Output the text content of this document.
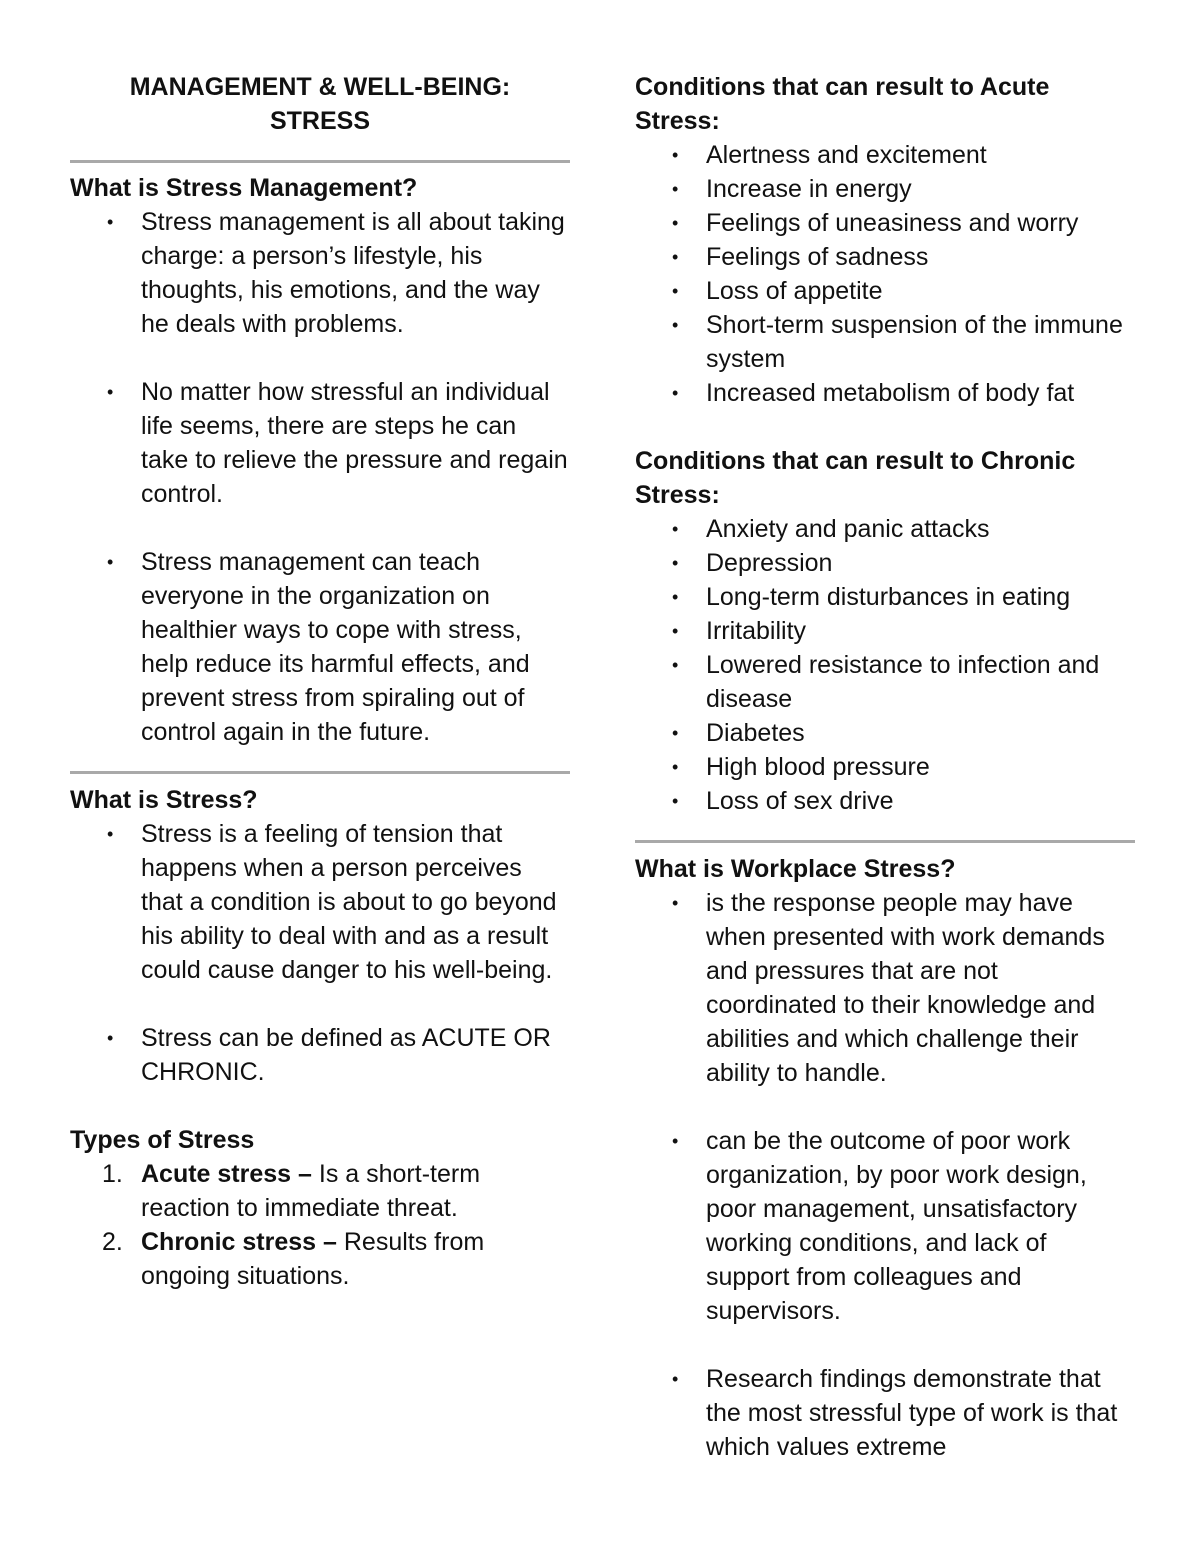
MANAGEMENT & WELL-BEING:
STRESS
What is Stress Management?
• Stress management is all about taking charge: a person’s lifestyle, his thoughts, his emotions, and the way he deals with problems.
• No matter how stressful an individual life seems, there are steps he can take to relieve the pressure and regain control.
• Stress management can teach everyone in the organization on healthier ways to cope with stress, help reduce its harmful effects, and prevent stress from spiraling out of control again in the future.
What is Stress?
• Stress is a feeling of tension that happens when a person perceives that a condition is about to go beyond his ability to deal with and as a result could cause danger to his well-being.
• Stress can be defined as ACUTE OR CHRONIC.
Types of Stress
1. Acute stress – Is a short-term reaction to immediate threat.
2. Chronic stress – Results from ongoing situations.
Conditions that can result to Acute
Stress:
• Alertness and excitement
• Increase in energy
• Feelings of uneasiness and worry
• Feelings of sadness
• Loss of appetite
• Short-term suspension of the immune system
• Increased metabolism of body fat
Conditions that can result to Chronic
Stress:
• Anxiety and panic attacks
• Depression
• Long-term disturbances in eating
• Irritability
• Lowered resistance to infection and disease
• Diabetes
• High blood pressure
• Loss of sex drive
What is Workplace Stress?
• is the response people may have when presented with work demands and pressures that are not coordinated to their knowledge and abilities and which challenge their ability to handle.
• can be the outcome of poor work organization, by poor work design, poor management, unsatisfactory working conditions, and lack of support from colleagues and supervisors.
• Research findings demonstrate that the most stressful type of work is that which values extreme
